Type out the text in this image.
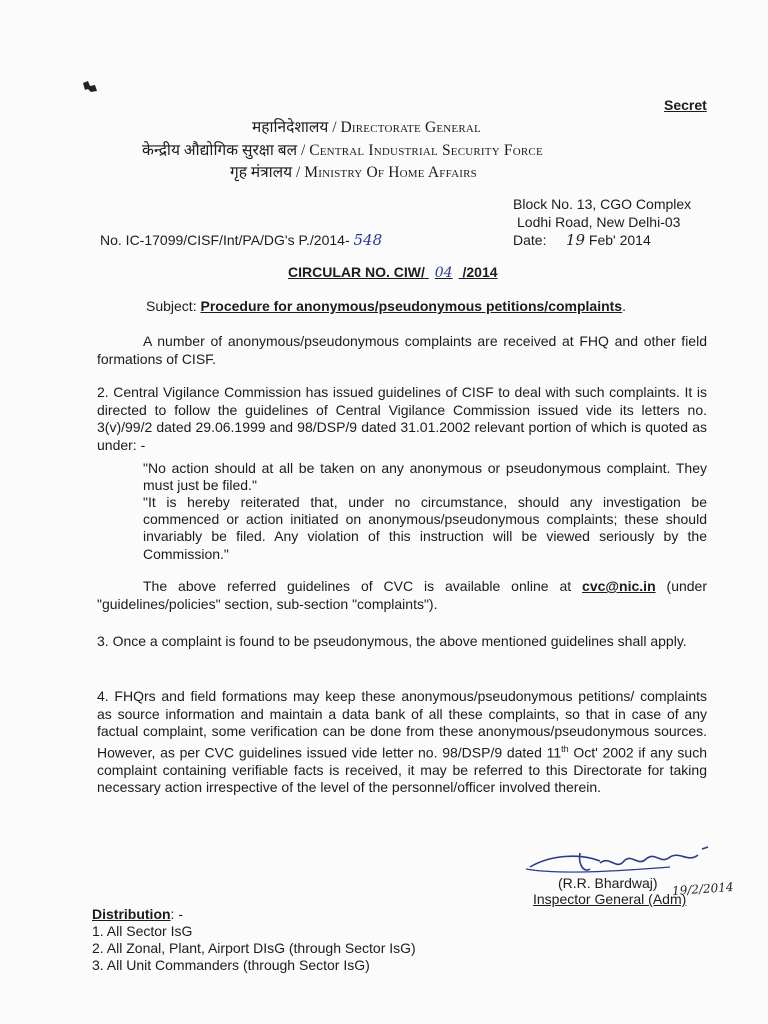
Secret
महानिदेशालय / Directorate General
केन्द्रीय औद्योगिक सुरक्षा बल / Central Industrial Security Force
गृह मंत्रालय / Ministry Of Home Affairs
Block No. 13, CGO Complex
Lodhi Road, New Delhi-03
No. IC-17099/CISF/Int/PA/DG's P./2014- 548	Date: 19 Feb' 2014
CIRCULAR NO. CIW/ 04 /2014
Subject: Procedure for anonymous/pseudonymous petitions/complaints.
A number of anonymous/pseudonymous complaints are received at FHQ and other field formations of CISF.
2. Central Vigilance Commission has issued guidelines of CISF to deal with such complaints. It is directed to follow the guidelines of Central Vigilance Commission issued vide its letters no. 3(v)/99/2 dated 29.06.1999 and 98/DSP/9 dated 31.01.2002 relevant portion of which is quoted as under: -
"No action should at all be taken on any anonymous or pseudonymous complaint. They must just be filed."
"It is hereby reiterated that, under no circumstance, should any investigation be commenced or action initiated on anonymous/pseudonymous complaints; these should invariably be filed. Any violation of this instruction will be viewed seriously by the Commission."
The above referred guidelines of CVC is available online at cvc@nic.in (under "guidelines/policies" section, sub-section "complaints").
3. Once a complaint is found to be pseudonymous, the above mentioned guidelines shall apply.
4. FHQrs and field formations may keep these anonymous/pseudonymous petitions/ complaints as source information and maintain a data bank of all these complaints, so that in case of any factual complaint, some verification can be done from these anonymous/pseudonymous sources. However, as per CVC guidelines issued vide letter no. 98/DSP/9 dated 11th Oct' 2002 if any such complaint containing verifiable facts is received, it may be referred to this Directorate for taking necessary action irrespective of the level of the personnel/officer involved therein.
(R.R. Bhardwaj)
Inspector General (Adm)
19/2/2014
Distribution: -
1. All Sector IsG
2. All Zonal, Plant, Airport DIsG (through Sector IsG)
3. All Unit Commanders (through Sector IsG)
